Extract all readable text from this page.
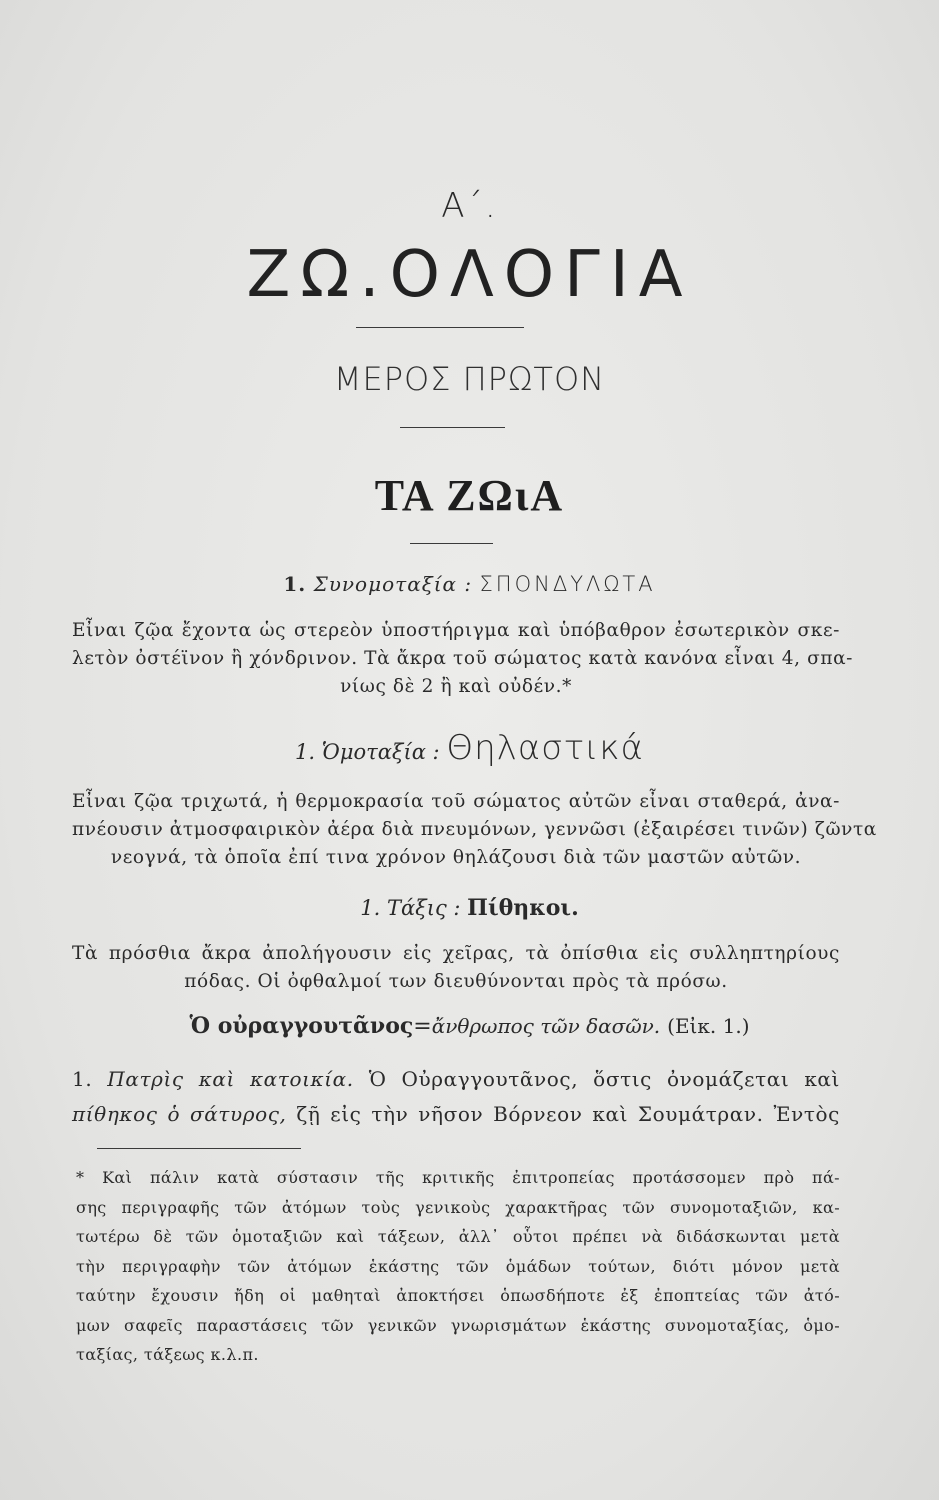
Α΄.
ΖΩ.ΟΛΟΓΙΑ
ΜΕΡΟΣ ΠΡΩΤΟΝ
ΤΑ ΖΩιΑ
1. Συνομοταξία : ΣΠΟΝΔΥΛΩΤΑ
Εἶναι ζῷα ἔχοντα ὡς στερεὸν ὑποστήριγμα καὶ ὑπόβαθρον ἐσωτερικὸν σκε-
λετὸν ὀστέϊνον ἢ χόνδρινον. Τὰ ἄκρα τοῦ σώματος κατὰ κανόνα εἶναι 4, σπα-
νίως δὲ 2 ἢ καὶ οὐδέν.*
1. Ὁμοταξία : Θηλαστικά
Εἶναι ζῷα τριχωτά, ἡ θερμοκρασία τοῦ σώματος αὐτῶν εἶναι σταθερά, ἀνα-
πνέουσιν ἀτμοσφαιρικὸν ἀέρα διὰ πνευμόνων, γεννῶσι (ἐξαιρέσει τινῶν) ζῶντα
νεογνά, τὰ ὁποῖα ἐπί τινα χρόνον θηλάζουσι διὰ τῶν μαστῶν αὐτῶν.
1. Τάξις : Πίθηκοι.
Τὰ πρόσθια ἄκρα ἀπολήγουσιν εἰς χεῖρας, τὰ ὀπίσθια εἰς συλληπτηρίους
πόδας. Οἱ ὀφθαλμοί των διευθύνονται πρὸς τὰ πρόσω.
Ὁ οὐραγγουτᾶνος=ἄνθρωπος τῶν δασῶν. (Εἰκ. 1.)
1. Πατρὶς καὶ κατοικία. Ὁ Οὐραγγουτᾶνος, ὅστις ὀνομάζεται καὶ
πίθηκος ὁ σάτυρος, ζῇ εἰς τὴν νῆσον Βόρνεον καὶ Σουμάτραν. Ἐντὸς
* Καὶ πάλιν κατὰ σύστασιν τῆς κριτικῆς ἐπιτροπείας προτάσσομεν πρὸ πά-
σης περιγραφῆς τῶν ἀτόμων τοὺς γενικοὺς χαρακτῆρας τῶν συνομοταξιῶν, κα-
τωτέρω δὲ τῶν ὁμοταξιῶν καὶ τάξεων, ἀλλ᾽ οὗτοι πρέπει νὰ διδάσκωνται μετὰ
τὴν περιγραφὴν τῶν ἀτόμων ἑκάστης τῶν ὁμάδων τούτων, διότι μόνον μετὰ
ταύτην ἔχουσιν ἤδη οἱ μαθηταὶ ἀποκτήσει ὁπωσδήποτε ἐξ ἐποπτείας τῶν ἀτό-
μων σαφεῖς παραστάσεις τῶν γενικῶν γνωρισμάτων ἑκάστης συνομοταξίας, ὁμο-
ταξίας, τάξεως κ.λ.π.
